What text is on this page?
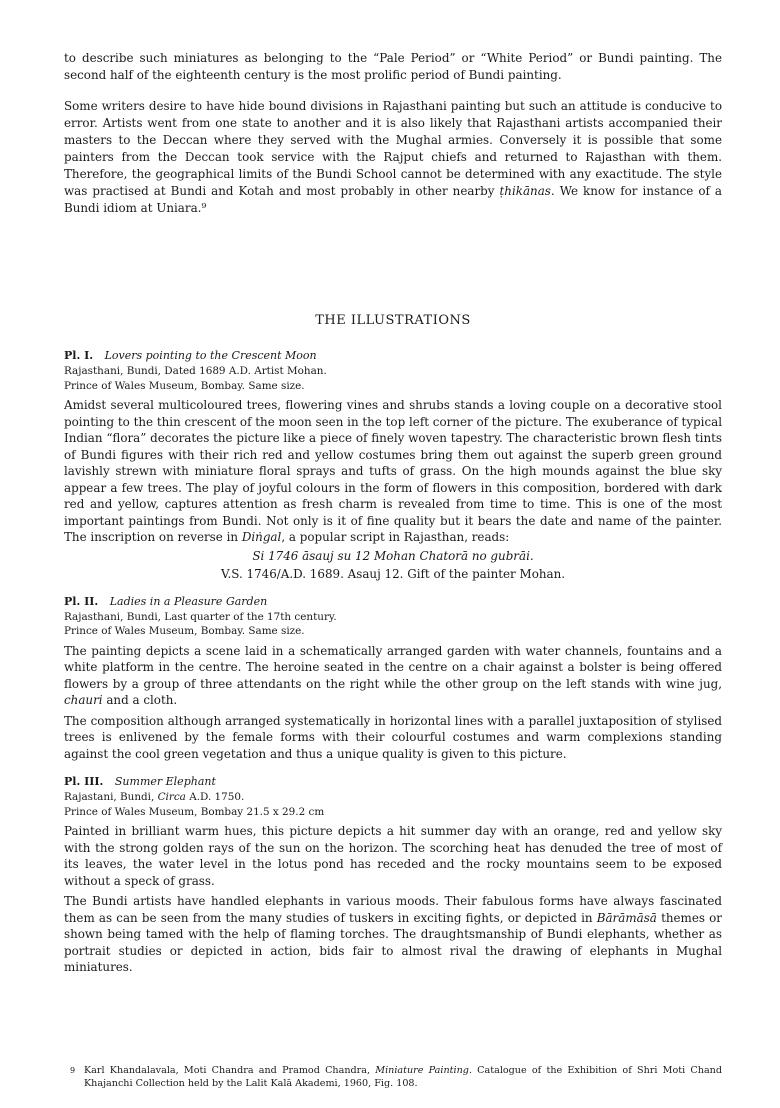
to describe such miniatures as belonging to the “Pale Period” or “White Period” or Bundi painting. The second half of the eighteenth century is the most prolific period of Bundi painting.

Some writers desire to have hide bound divisions in Rajasthani painting but such an attitude is conducive to error. Artists went from one state to another and it is also likely that Rajasthani artists accompanied their masters to the Deccan where they served with the Mughal armies. Conversely it is possible that some painters from the Deccan took service with the Rajput chiefs and returned to Rajasthan with them. Therefore, the geographical limits of the Bundi School cannot be determined with any exactitude. The style was practised at Bundi and Kotah and most probably in other nearby ṭhikānas. We know for instance of a Bundi idiom at Uniara.⁹

THE ILLUSTRATIONS
Pl. I. Lovers pointing to the Crescent Moon
Rajasthani, Bundi, Dated 1689 A.D. Artist Mohan.
Prince of Wales Museum, Bombay. Same size.

Amidst several multicoloured trees, flowering vines and shrubs stands a loving couple on a decorative stool pointing to the thin crescent of the moon seen in the top left corner of the picture. The exuberance of typical Indian “flora” decorates the picture like a piece of finely woven tapestry. The characteristic brown flesh tints of Bundi figures with their rich red and yellow costumes bring them out against the superb green ground lavishly strewn with miniature floral sprays and tufts of grass. On the high mounds against the blue sky appear a few trees. The play of joyful colours in the form of flowers in this composition, bordered with dark red and yellow, captures attention as fresh charm is revealed from time to time. This is one of the most important paintings from Bundi. Not only is it of fine quality but it bears the date and name of the painter. The inscription on reverse in Diṅgal, a popular script in Rajasthan, reads:

Si 1746 āsauj su 12 Mohan Chatorā no gubrāi.
V.S. 1746/A.D. 1689. Asauj 12. Gift of the painter Mohan.
Pl. II. Ladies in a Pleasure Garden
Rajasthani, Bundi, Last quarter of the 17th century.
Prince of Wales Museum, Bombay. Same size.

The painting depicts a scene laid in a schematically arranged garden with water channels, fountains and a white platform in the centre. The heroine seated in the centre on a chair against a bolster is being offered flowers by a group of three attendants on the right while the other group on the left stands with wine jug, chauri and a cloth.

The composition although arranged systematically in horizontal lines with a parallel juxtaposition of stylised trees is enlivened by the female forms with their colourful costumes and warm complexions standing against the cool green vegetation and thus a unique quality is given to this picture.

Pl. III. Summer Elephant
Rajastani, Bundi, Circa A.D. 1750.
Prince of Wales Museum, Bombay 21.5 x 29.2 cm

Painted in brilliant warm hues, this picture depicts a hit summer day with an orange, red and yellow sky with the strong golden rays of the sun on the horizon. The scorching heat has denuded the tree of most of its leaves, the water level in the lotus pond has receded and the rocky mountains seem to be exposed without a speck of grass.

The Bundi artists have handled elephants in various moods. Their fabulous forms have always fascinated them as can be seen from the many studies of tuskers in exciting fights, or depicted in Bārāmāsā themes or shown being tamed with the help of flaming torches. The draughtsmanship of Bundi elephants, whether as portrait studies or depicted in action, bids fair to almost rival the drawing of elephants in Mughal miniatures.

9 Karl Khandalavala, Moti Chandra and Pramod Chandra, Miniature Painting. Catalogue of the Exhibition of Shri Moti Chand Khajanchi Collection held by the Lalit Kalā Akademi, 1960, Fig. 108.
